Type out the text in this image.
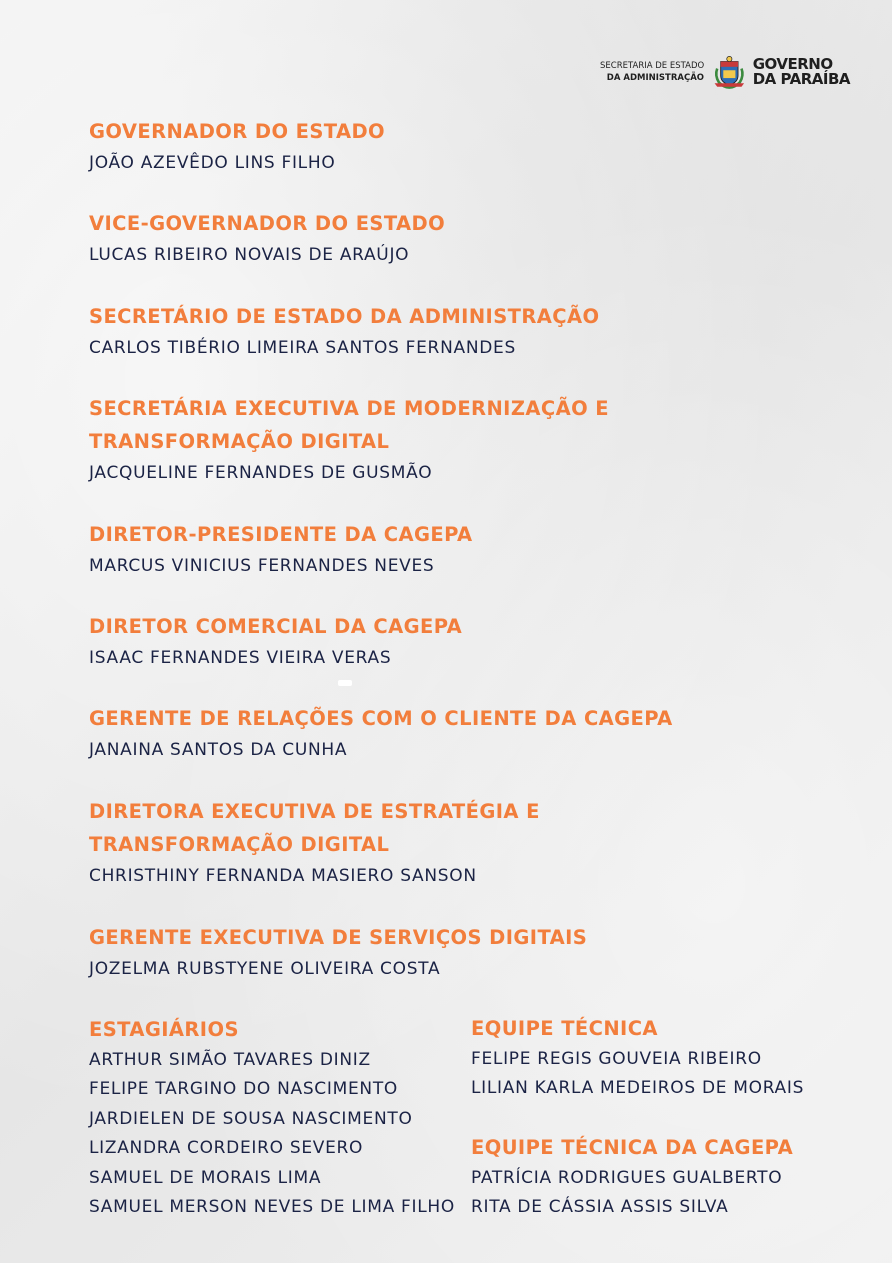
SECRETARIA DE ESTADO
DA ADMINISTRAÇÃO
GOVERNO
DA PARAÍBA

GOVERNADOR DO ESTADO

JOÃO AZEVÊDO LINS FILHO

VICE-GOVERNADOR DO ESTADO

LUCAS RIBEIRO NOVAIS DE ARAÚJO

SECRETÁRIO DE ESTADO DA ADMINISTRAÇÃO

CARLOS TIBÉRIO LIMEIRA SANTOS FERNANDES

SECRETÁRIA EXECUTIVA DE MODERNIZAÇÃO E

TRANSFORMAÇÃO DIGITAL

JACQUELINE FERNANDES DE GUSMÃO

DIRETOR-PRESIDENTE DA CAGEPA

MARCUS VINICIUS FERNANDES NEVES

DIRETOR COMERCIAL DA CAGEPA

ISAAC FERNANDES VIEIRA VERAS

GERENTE DE RELAÇÕES COM O CLIENTE DA CAGEPA

JANAINA SANTOS DA CUNHA

DIRETORA EXECUTIVA DE ESTRATÉGIA E

TRANSFORMAÇÃO DIGITAL

CHRISTHINY FERNANDA MASIERO SANSON

GERENTE EXECUTIVA DE SERVIÇOS DIGITAIS

JOZELMA RUBSTYENE OLIVEIRA COSTA

ESTAGIÁRIOS

ARTHUR SIMÃO TAVARES DINIZ

FELIPE TARGINO DO NASCIMENTO

JARDIELEN DE SOUSA NASCIMENTO

LIZANDRA CORDEIRO SEVERO

SAMUEL DE MORAIS LIMA

SAMUEL MERSON NEVES DE LIMA FILHO

EQUIPE TÉCNICA

FELIPE REGIS GOUVEIA RIBEIRO

LILIAN KARLA MEDEIROS DE MORAIS

EQUIPE TÉCNICA DA CAGEPA

PATRÍCIA RODRIGUES GUALBERTO

RITA DE CÁSSIA ASSIS SILVA
